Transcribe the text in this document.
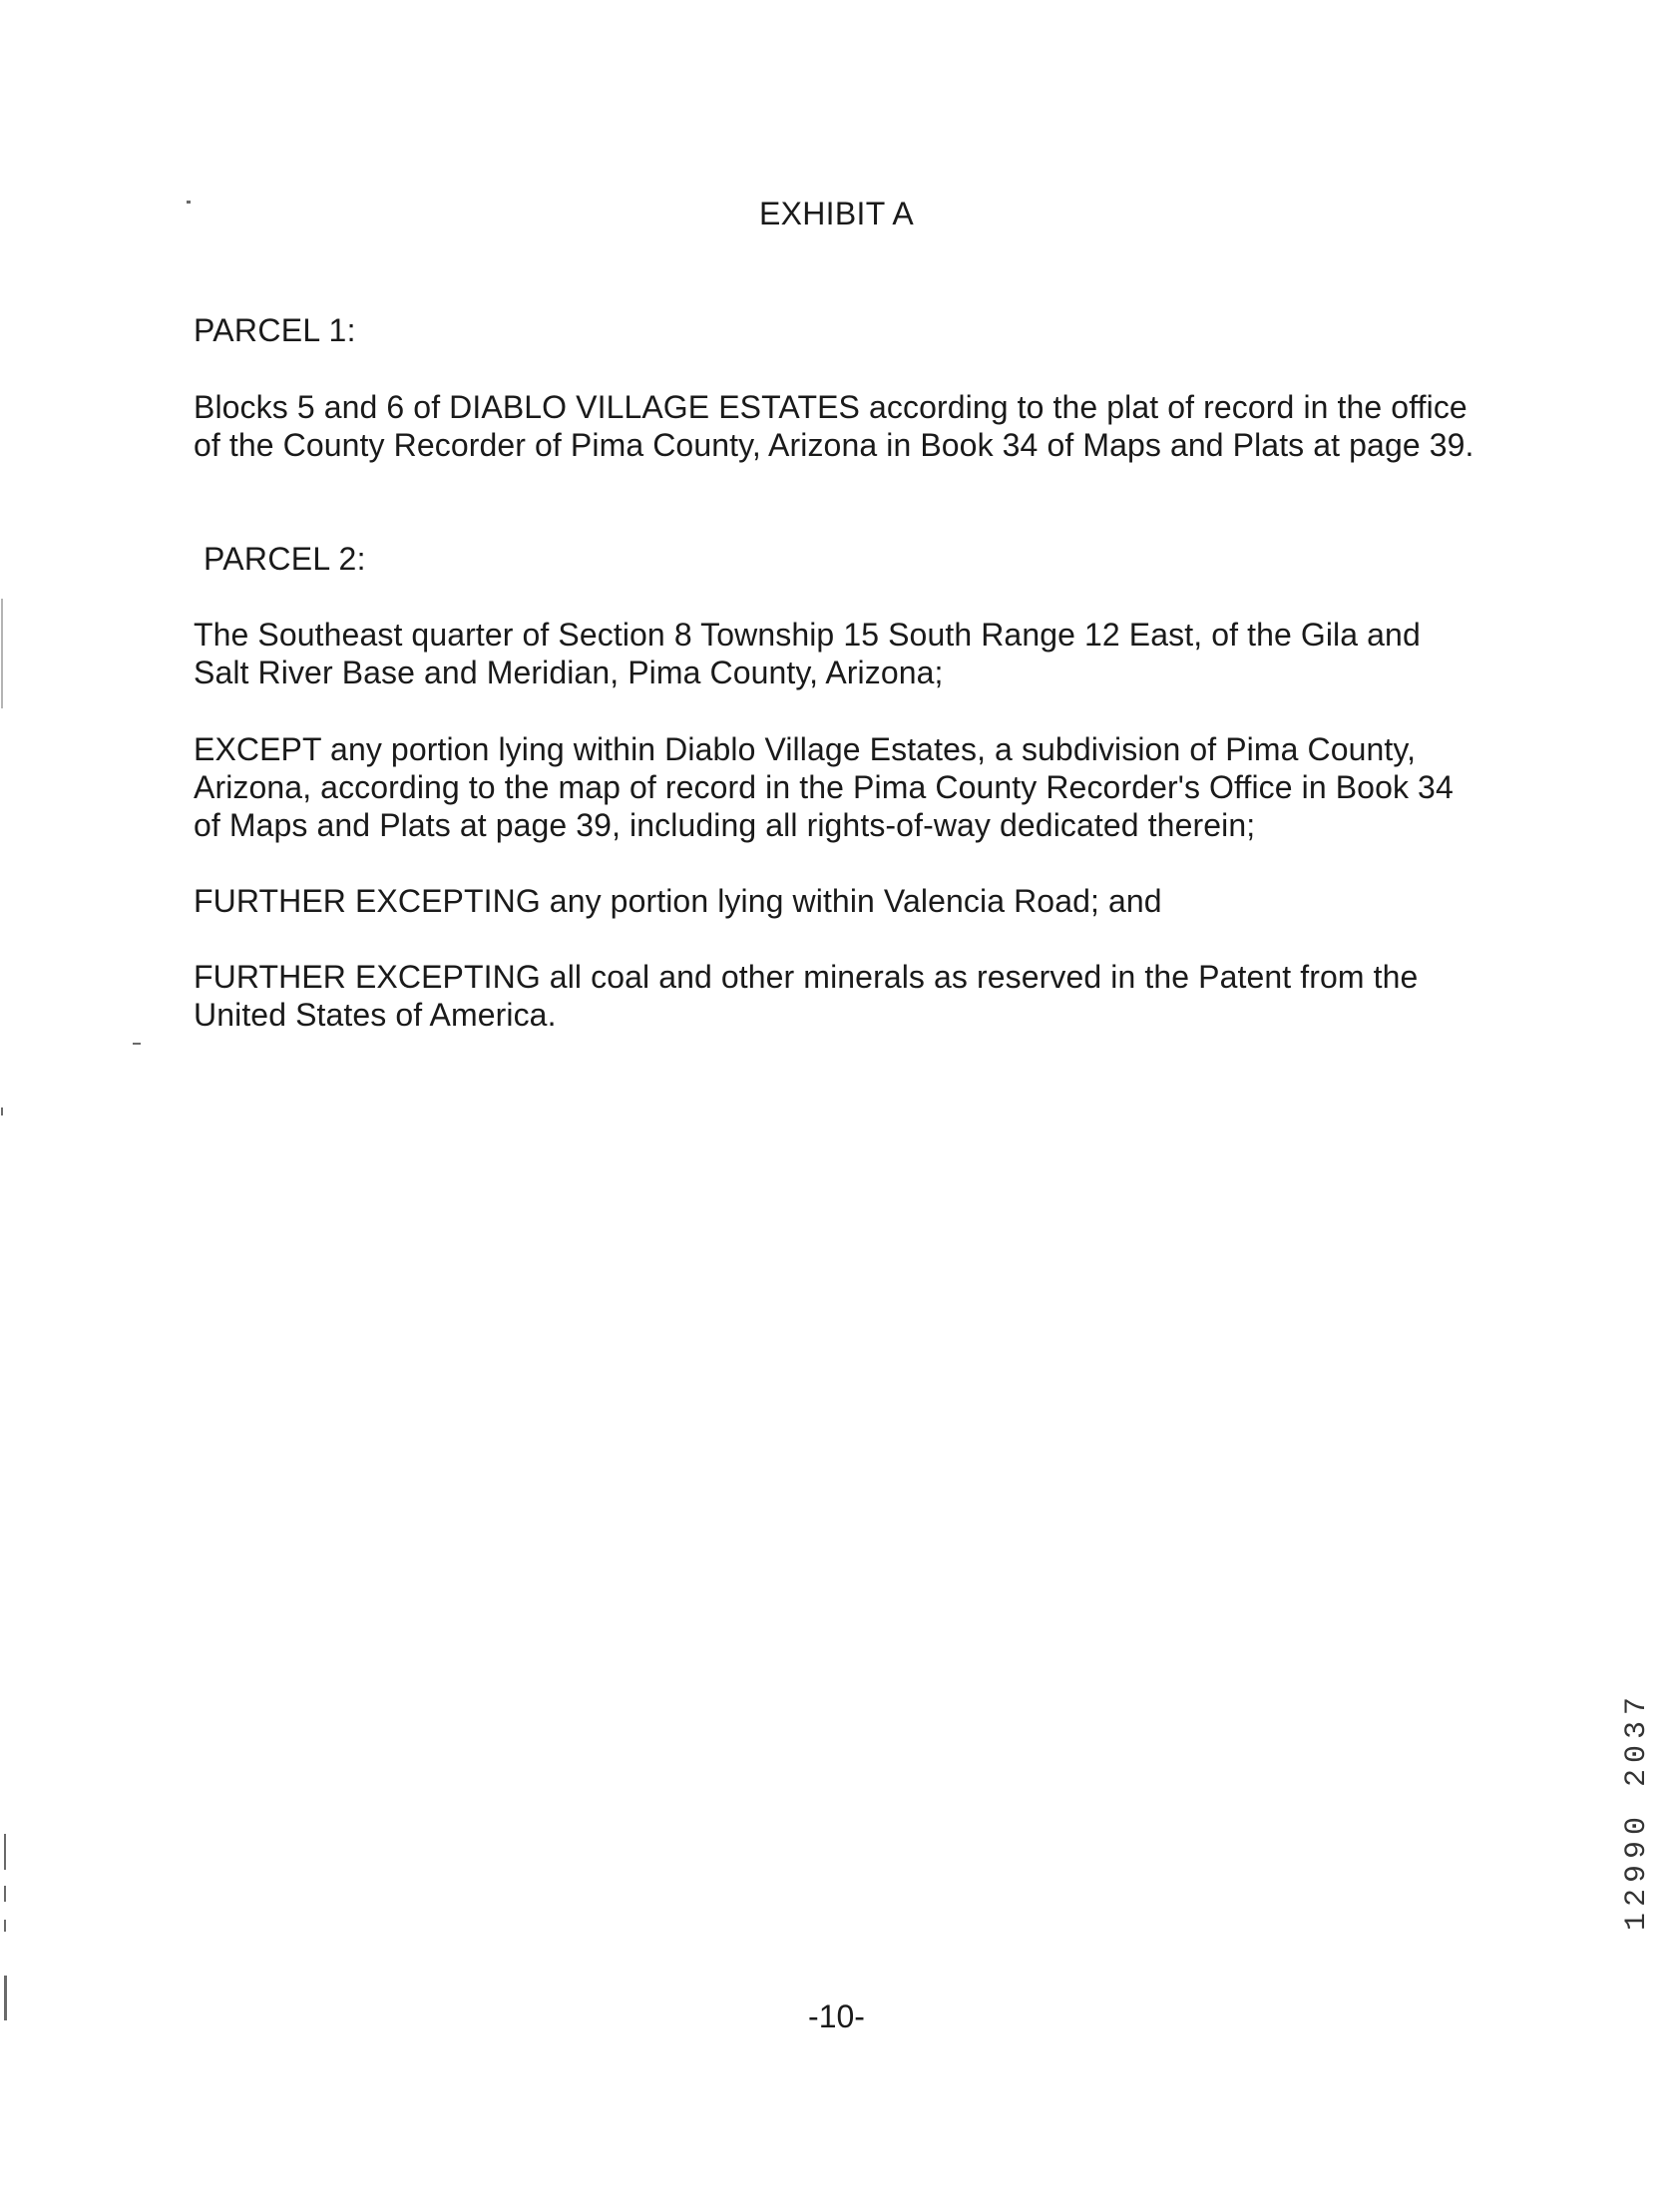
EXHIBIT A
PARCEL 1:
Blocks 5 and 6 of DIABLO VILLAGE ESTATES according to the plat of record in the office of the County Recorder of Pima County, Arizona in Book 34 of Maps and Plats at page 39.
PARCEL 2:
The Southeast quarter of Section 8 Township 15 South Range 12 East, of the Gila and Salt River Base and Meridian, Pima County, Arizona;
EXCEPT any portion lying within Diablo Village Estates, a subdivision of Pima County, Arizona, according to the map of record in the Pima County Recorder's Office in Book 34 of Maps and Plats at page 39, including all rights-of-way dedicated therein;
FURTHER EXCEPTING any portion lying within Valencia Road; and
FURTHER EXCEPTING all coal and other minerals as reserved in the Patent from the United States of America.
-10-
12990 2037
